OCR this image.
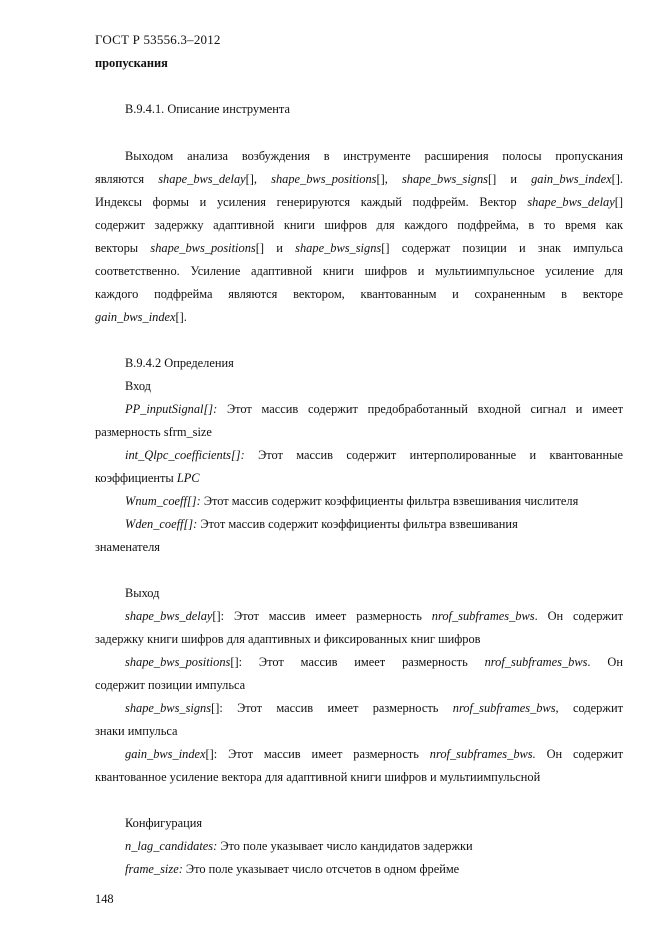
ГОСТ Р 53556.3–2012
пропускания

В.9.4.1. Описание инструмента

Выходом анализа возбуждения в инструменте расширения полосы пропускания

являются shape_bws_delay[], shape_bws_positions[], shape_bws_signs[] и gain_bws_index[].

Индексы формы и усиления генерируются каждый подфрейм. Вектор shape_bws_delay[]

содержит задержку адаптивной книги шифров для каждого подфрейма, в то время как

векторы shape_bws_positions[] и shape_bws_signs[] содержат позиции и знак импульса

соответственно. Усиление адаптивной книги шифров и мультиимпульсное усиление для

каждого подфрейма являются вектором, квантованным и сохраненным в векторе

gain_bws_index[].

В.9.4.2 Определения

Вход

PP_inputSignal[]: Этот массив содержит предобработанный входной сигнал и имеет

размерность sfrm_size

int_Qlpc_coefficients[]: Этот массив содержит интерполированные и квантованные

коэффициенты LPC

Wnum_coeff[]: Этот массив содержит коэффициенты фильтра взвешивания числителя

Wden_coeff[]: Этот массив содержит коэффициенты фильтра взвешивания

знаменателя

Выход

shape_bws_delay[]: Этот массив имеет размерность nrof_subframes_bws. Он содержит

задержку книги шифров для адаптивных и фиксированных книг шифров

shape_bws_positions[]: Этот массив имеет размерность nrof_subframes_bws. Он

содержит позиции импульса

shape_bws_signs[]: Этот массив имеет размерность nrof_subframes_bws, содержит

знаки импульса

gain_bws_index[]: Этот массив имеет размерность nrof_subframes_bws. Он содержит

квантованное усиление вектора для адаптивной книги шифров и мультиимпульсной

Конфигурация

n_lag_candidates: Это поле указывает число кандидатов задержки

frame_size: Это поле указывает число отсчетов в одном фрейме

148
